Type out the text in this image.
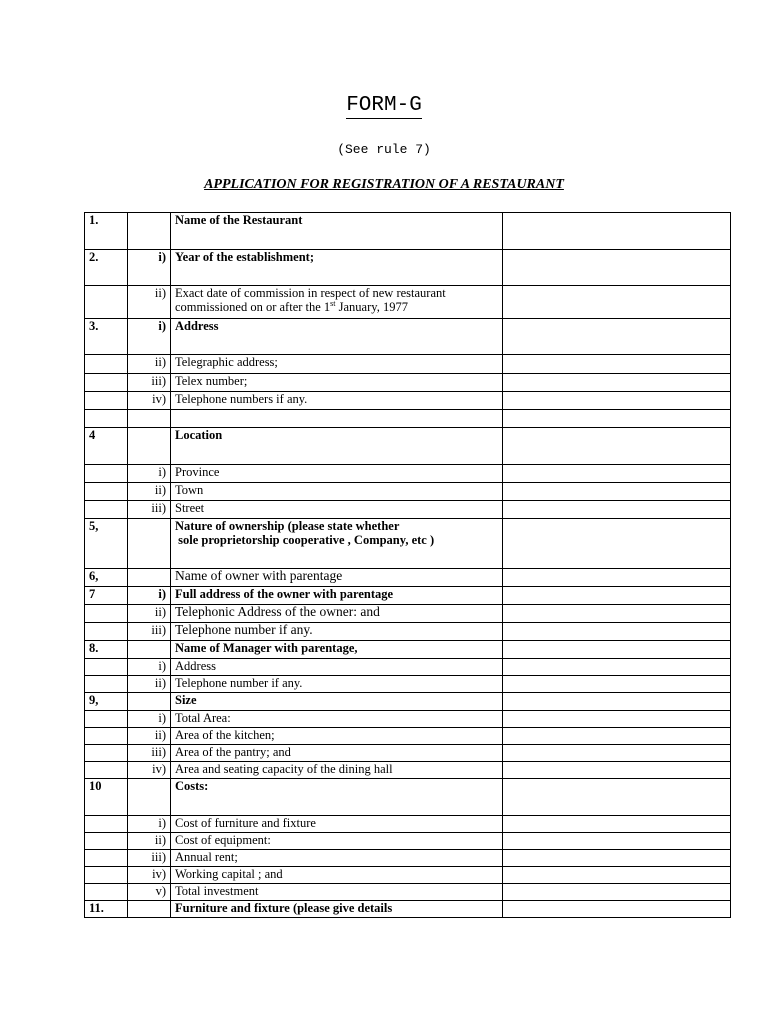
FORM-G
(See rule 7)
APPLICATION FOR REGISTRATION OF A RESTAURANT
1.		Name of the Restaurant	
2.	i)	Year of the establishment;	
	ii)	Exact date of commission in respect of new restaurant commissioned on or after the 1st January, 1977	
3.	i)	Address	
	ii)	Telegraphic address;	
	iii)	Telex number;	
	iv)	Telephone numbers if any.	

4		Location	
	i)	Province	
	ii)	Town	
	iii)	Street	
5,		Nature of ownership (please state whether
sole proprietorship cooperative , Company, etc )	
6,		Name of owner with parentage	
7	i)	Full address of the owner with parentage	
	ii)	Telephonic Address of the owner: and	
	iii)	Telephone number if any.	
8.		Name of Manager with parentage,	
	i)	Address	
	ii)	Telephone number if any.	
9,		Size	
	i)	Total Area:	
	ii)	Area of the kitchen;	
	iii)	Area of the pantry; and	
	iv)	Area and seating capacity of the dining hall	
10		Costs:	
	i)	Cost of furniture and fixture	
	ii)	Cost of equipment:	
	iii)	Annual rent;	
	iv)	Working capital ; and	
	v)	Total investment	
11.		Furniture and fixture (please give details	
